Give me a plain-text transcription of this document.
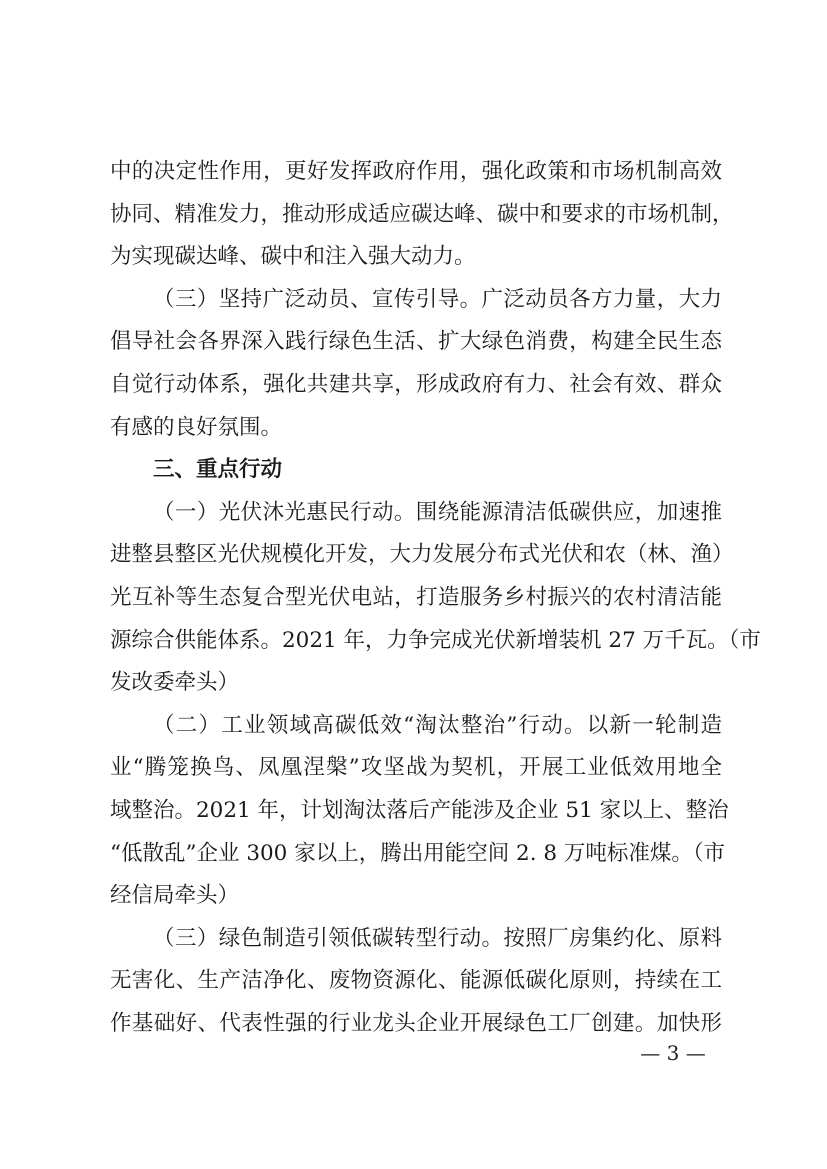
中的决定性作用，更好发挥政府作用，强化政策和市场机制高效
协同、精准发力，推动形成适应碳达峰、碳中和要求的市场机制，
为实现碳达峰、碳中和注入强大动力。
（三）坚持广泛动员、宣传引导。广泛动员各方力量，大力
倡导社会各界深入践行绿色生活、扩大绿色消费，构建全民生态
自觉行动体系，强化共建共享，形成政府有力、社会有效、群众
有感的良好氛围。
三、重点行动
（一）光伏沐光惠民行动。围绕能源清洁低碳供应，加速推
进整县整区光伏规模化开发，大力发展分布式光伏和农（林、渔）
光互补等生态复合型光伏电站，打造服务乡村振兴的农村清洁能
源综合供能体系。2021 年，力争完成光伏新增装机 27 万千瓦。（市
发改委牵头）
（二）工业领域高碳低效“淘汰整治”行动。以新一轮制造
业“腾笼换鸟、凤凰涅槃”攻坚战为契机，开展工业低效用地全
域整治。2021 年，计划淘汰落后产能涉及企业 51 家以上、整治
“低散乱”企业 300 家以上，腾出用能空间 2. 8 万吨标准煤。（市
经信局牵头）
（三）绿色制造引领低碳转型行动。按照厂房集约化、原料
无害化、生产洁净化、废物资源化、能源低碳化原则，持续在工
作基础好、代表性强的行业龙头企业开展绿色工厂创建。加快形
— 3 —
